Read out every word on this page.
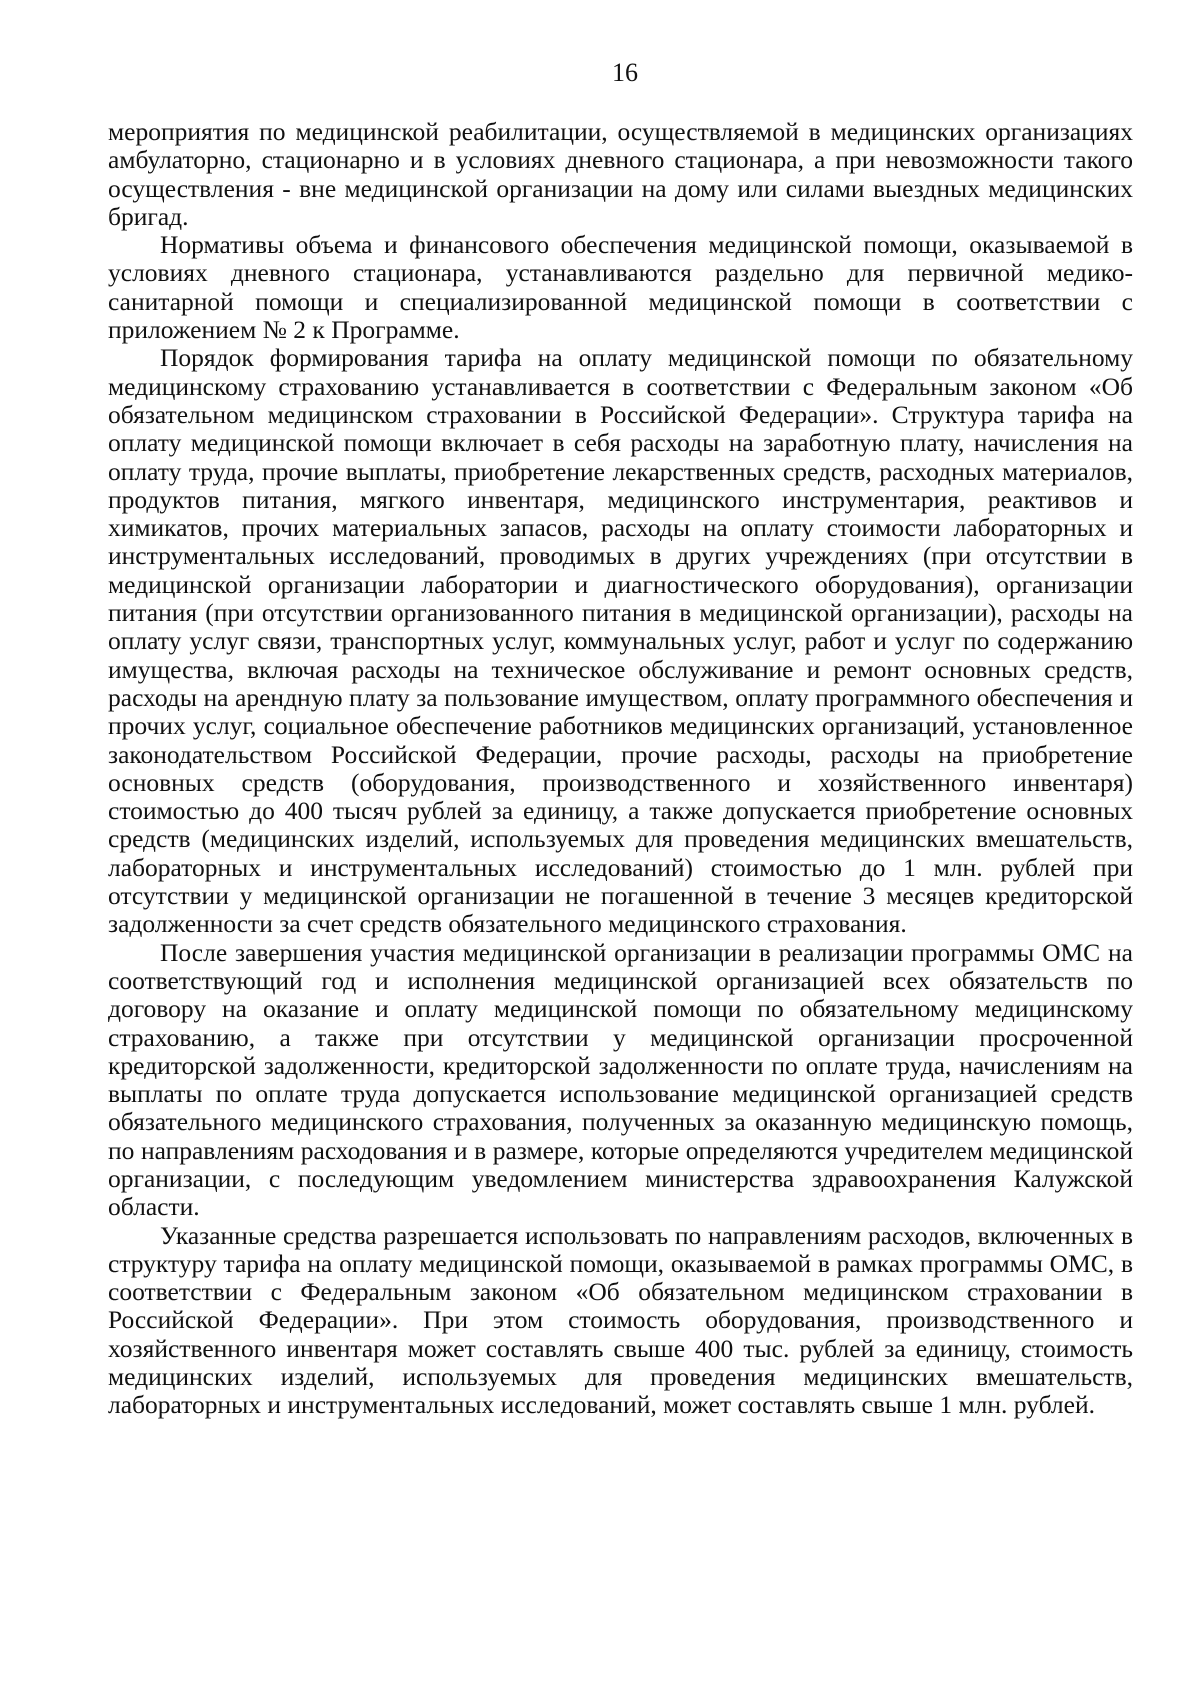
16

мероприятия по медицинской реабилитации, осуществляемой в медицинских организациях амбулаторно, стационарно и в условиях дневного стационара, а при невозможности такого осуществления - вне медицинской организации на дому или силами выездных медицинских бригад.

Нормативы объема и финансового обеспечения медицинской помощи, оказываемой в условиях дневного стационара, устанавливаются раздельно для первичной медико-санитарной помощи и специализированной медицинской помощи в соответствии с приложением № 2 к Программе.

Порядок формирования тарифа на оплату медицинской помощи по обязательному медицинскому страхованию устанавливается в соответствии с Федеральным законом «Об обязательном медицинском страховании в Российской Федерации». Структура тарифа на оплату медицинской помощи включает в себя расходы на заработную плату, начисления на оплату труда, прочие выплаты, приобретение лекарственных средств, расходных материалов, продуктов питания, мягкого инвентаря, медицинского инструментария, реактивов и химикатов, прочих материальных запасов, расходы на оплату стоимости лабораторных и инструментальных исследований, проводимых в других учреждениях (при отсутствии в медицинской организации лаборатории и диагностического оборудования), организации питания (при отсутствии организованного питания в медицинской организации), расходы на оплату услуг связи, транспортных услуг, коммунальных услуг, работ и услуг по содержанию имущества, включая расходы на техническое обслуживание и ремонт основных средств, расходы на арендную плату за пользование имуществом, оплату программного обеспечения и прочих услуг, социальное обеспечение работников медицинских организаций, установленное законодательством Российской Федерации, прочие расходы, расходы на приобретение основных средств (оборудования, производственного и хозяйственного инвентаря) стоимостью до 400 тысяч рублей за единицу, а также допускается приобретение основных средств (медицинских изделий, используемых для проведения медицинских вмешательств, лабораторных и инструментальных исследований) стоимостью до 1 млн. рублей при отсутствии у медицинской организации не погашенной в течение 3 месяцев кредиторской задолженности за счет средств обязательного медицинского страхования.

После завершения участия медицинской организации в реализации программы ОМС на соответствующий год и исполнения медицинской организацией всех обязательств по договору на оказание и оплату медицинской помощи по обязательному медицинскому страхованию, а также при отсутствии у медицинской организации просроченной кредиторской задолженности, кредиторской задолженности по оплате труда, начислениям на выплаты по оплате труда допускается использование медицинской организацией средств обязательного медицинского страхования, полученных за оказанную медицинскую помощь, по направлениям расходования и в размере, которые определяются учредителем медицинской организации, с последующим уведомлением министерства здравоохранения Калужской области.

Указанные средства разрешается использовать по направлениям расходов, включенных в структуру тарифа на оплату медицинской помощи, оказываемой в рамках программы ОМС, в соответствии с Федеральным законом «Об обязательном медицинском страховании в Российской Федерации». При этом стоимость оборудования, производственного и хозяйственного инвентаря может составлять свыше 400 тыс. рублей за единицу, стоимость медицинских изделий, используемых для проведения медицинских вмешательств, лабораторных и инструментальных исследований, может составлять свыше 1 млн. рублей.
